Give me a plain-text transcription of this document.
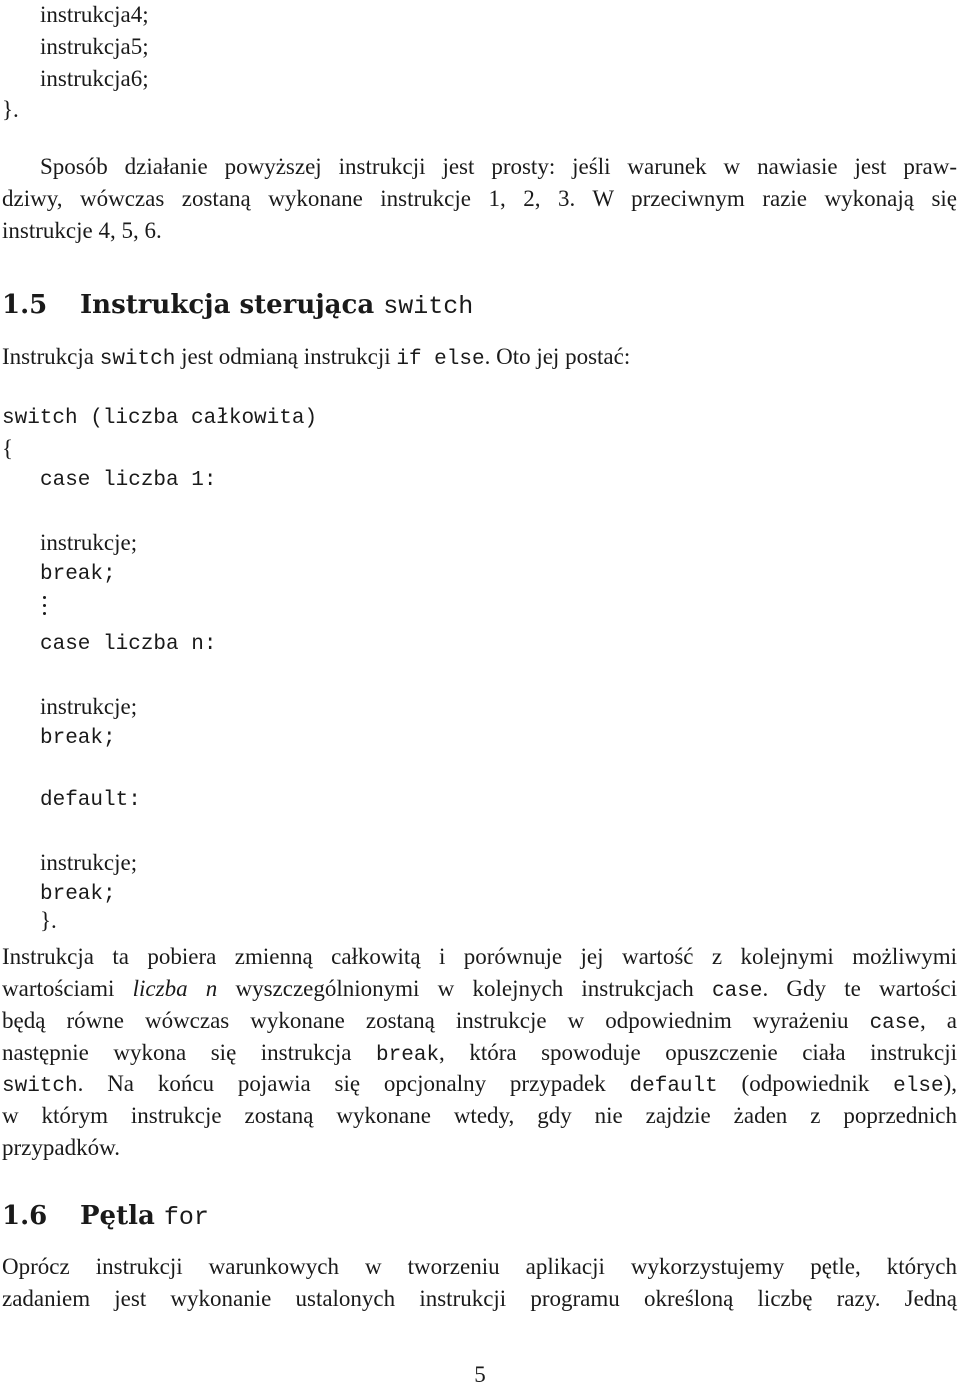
instrukcja4;
instrukcja5;
instrukcja6;
}.
Sposób działanie powyższej instrukcji jest prosty: jeśli warunek w nawiasie jest praw-
dziwy, wówczas zostaną wykonane instrukcje 1, 2, 3. W przeciwnym razie wykonają się
instrukcje 4, 5, 6.
1.5 Instrukcja sterująca switch
Instrukcja switch jest odmianą instrukcji if else. Oto jej postać:
switch (liczba całkowita)
{
case liczba 1:
instrukcje;
break;
case liczba n:
instrukcje;
break;
default:
instrukcje;
break;
}.
Instrukcja ta pobiera zmienną całkowitą i porównuje jej wartość z kolejnymi możliwymi
wartościami liczba n wyszczególnionymi w kolejnych instrukcjach case. Gdy te wartości
będą równe wówczas wykonane zostaną instrukcje w odpowiednim wyrażeniu case, a
następnie wykona się instrukcja break, która spowoduje opuszczenie ciała instrukcji
switch. Na końcu pojawia się opcjonalny przypadek default (odpowiednik else),
w którym instrukcje zostaną wykonane wtedy, gdy nie zajdzie żaden z poprzednich
przypadków.
1.6 Pętla for
Oprócz instrukcji warunkowych w tworzeniu aplikacji wykorzystujemy pętle, których
zadaniem jest wykonanie ustalonych instrukcji programu określoną liczbę razy. Jedną
5
